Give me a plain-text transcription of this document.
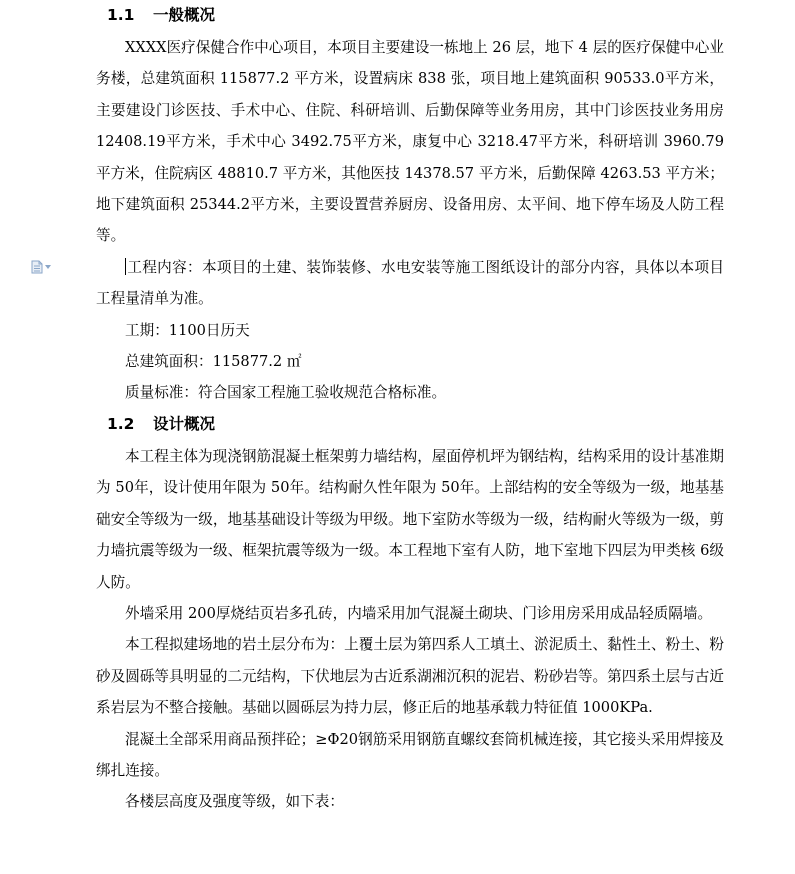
1.1 一般概况

XXXX医疗保健合作中心项目，本项目主要建设一栋地上 26 层，地下 4 层的医疗保健中心业务楼，总建筑面积 115877.2 平方米，设置病床 838 张，项目地上建筑面积 90533.0平方米，主要建设门诊医技、手术中心、住院、科研培训、后勤保障等业务用房，其中门诊医技业务用房 12408.19平方米，手术中心 3492.75平方米，康复中心 3218.47平方米，科研培训 3960.79 平方米，住院病区 48810.7 平方米，其他医技 14378.57 平方米，后勤保障 4263.53 平方米；地下建筑面积 25344.2平方米，主要设置营养厨房、设备用房、太平间、地下停车场及人防工程等。

工程内容：本项目的土建、装饰装修、水电安装等施工图纸设计的部分内容，具体以本项目工程量清单为准。

工期：1100日历天

总建筑面积：115877.2 ㎡

质量标准：符合国家工程施工验收规范合格标准。

1.2 设计概况

本工程主体为现浇钢筋混凝土框架剪力墙结构，屋面停机坪为钢结构，结构采用的设计基准期为 50年，设计使用年限为 50年。结构耐久性年限为 50年。上部结构的安全等级为一级，地基基础安全等级为一级，地基基础设计等级为甲级。地下室防水等级为一级，结构耐火等级为一级，剪力墙抗震等级为一级、框架抗震等级为一级。本工程地下室有人防，地下室地下四层为甲类核 6级人防。

外墙采用 200厚烧结页岩多孔砖，内墙采用加气混凝土砌块、门诊用房采用成品轻质隔墙。

本工程拟建场地的岩土层分布为：上覆土层为第四系人工填土、淤泥质土、黏性土、粉土、粉砂及圆砾等具明显的二元结构，下伏地层为古近系湖湘沉积的泥岩、粉砂岩等。第四系土层与古近系岩层为不整合接触。基础以圆砾层为持力层，修正后的地基承载力特征值 1000KPa.

混凝土全部采用商品预拌砼；≥Φ20钢筋采用钢筋直螺纹套筒机械连接，其它接头采用焊接及绑扎连接。

各楼层高度及强度等级，如下表：
